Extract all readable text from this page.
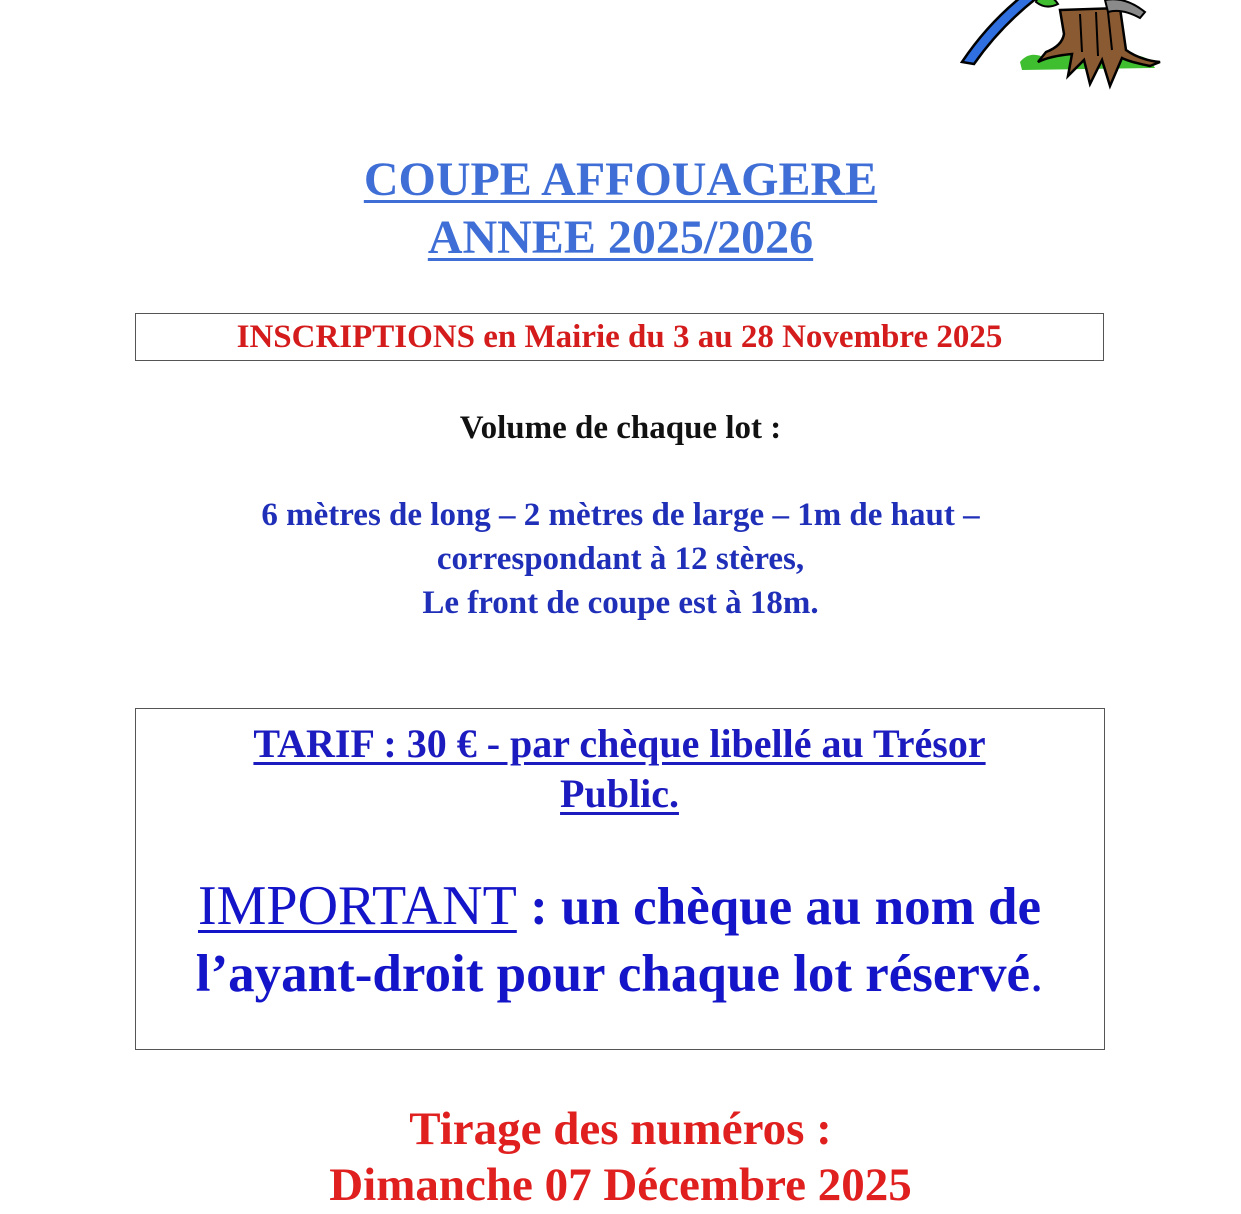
COUPE AFFOUAGERE
ANNEE 2025/2026
INSCRIPTIONS en Mairie du 3 au 28 Novembre 2025
Volume de chaque lot :
6 mètres de long – 2 mètres de large – 1m de haut –
correspondant à 12 stères,
Le front de coupe est à 18m.
TARIF : 30 € - par chèque libellé au Trésor
Public.
IMPORTANT : un chèque au nom de
l’ayant-droit pour chaque lot réservé.
Tirage des numéros :
Dimanche 07 Décembre 2025
